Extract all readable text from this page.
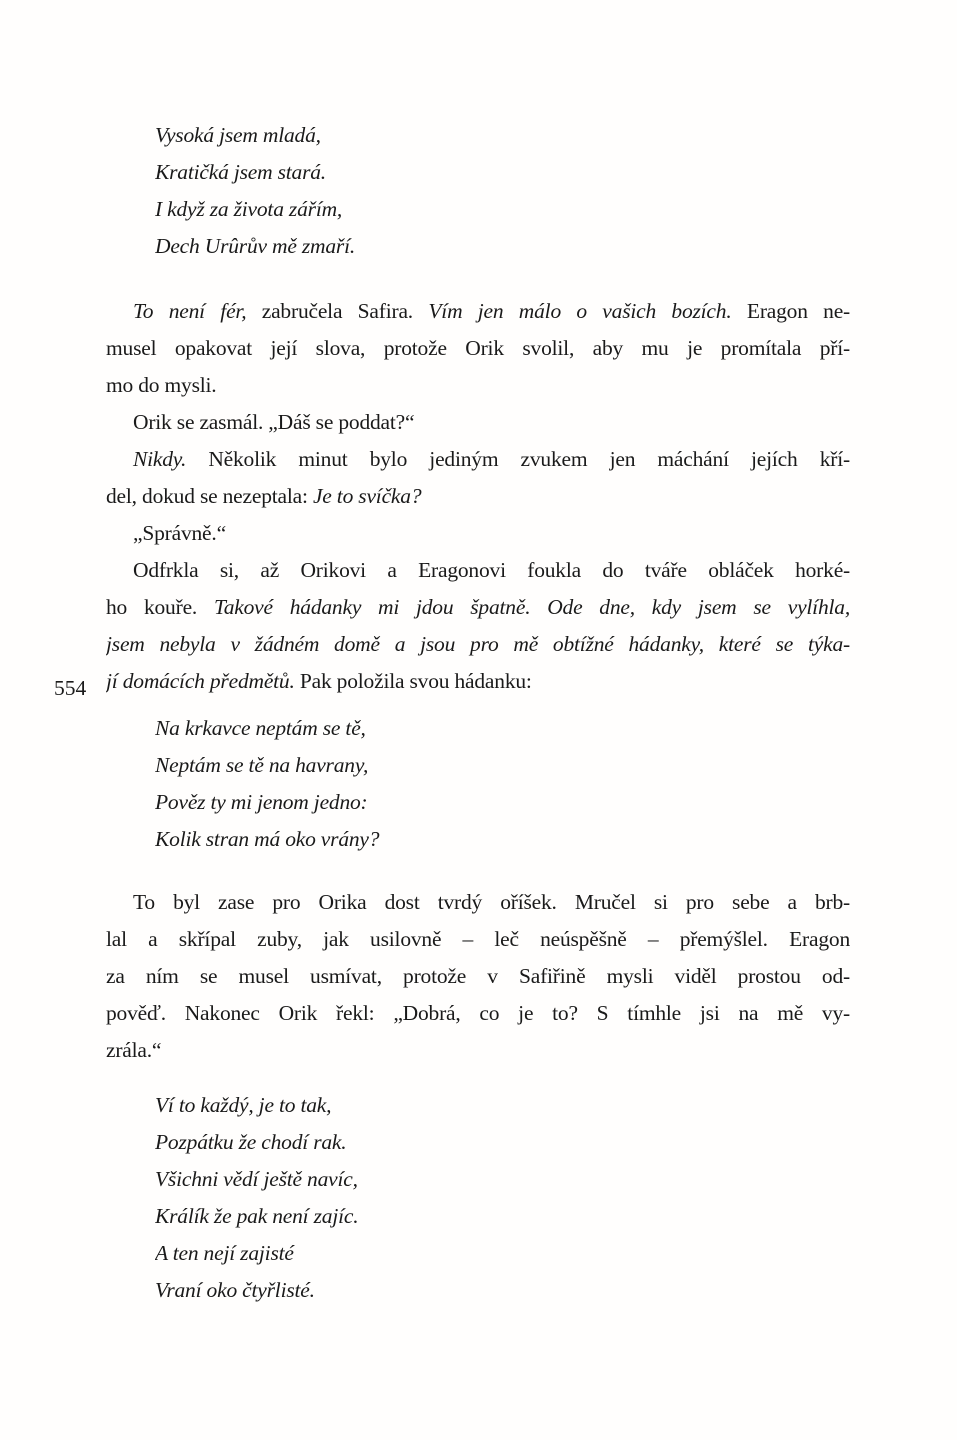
554
Vysoká jsem mladá,
Kratičká jsem stará.
I když za života zářím,
Dech Urûrův mě zmaří.
To není fér, zabručela Safira. Vím jen málo o vašich bozích. Eragon ne-
musel opakovat její slova, protože Orik svolil, aby mu je promítala pří-
mo do mysli.
Orik se zasmál. „Dáš se poddat?“
Nikdy. Několik minut bylo jediným zvukem jen máchání jejích kří-
del, dokud se nezeptala: Je to svíčka?
„Správně.“
Odfrkla si, až Orikovi a Eragonovi foukla do tváře obláček horké-
ho kouře. Takové hádanky mi jdou špatně. Ode dne, kdy jsem se vylíhla,
jsem nebyla v žádném domě a jsou pro mě obtížné hádanky, které se týka-
jí domácích předmětů. Pak položila svou hádanku:
Na krkavce neptám se tě,
Neptám se tě na havrany,
Pověz ty mi jenom jedno:
Kolik stran má oko vrány?
To byl zase pro Orika dost tvrdý oříšek. Mručel si pro sebe a brb-
lal a skřípal zuby, jak usilovně – leč neúspěšně – přemýšlel. Eragon
za ním se musel usmívat, protože v Safiřině mysli viděl prostou od-
pověď. Nakonec Orik řekl: „Dobrá, co je to? S tímhle jsi na mě vy-
zrála.“
Ví to každý, je to tak,
Pozpátku že chodí rak.
Všichni vědí ještě navíc,
Králík že pak není zajíc.
A ten nejí zajisté
Vraní oko čtyřlisté.
